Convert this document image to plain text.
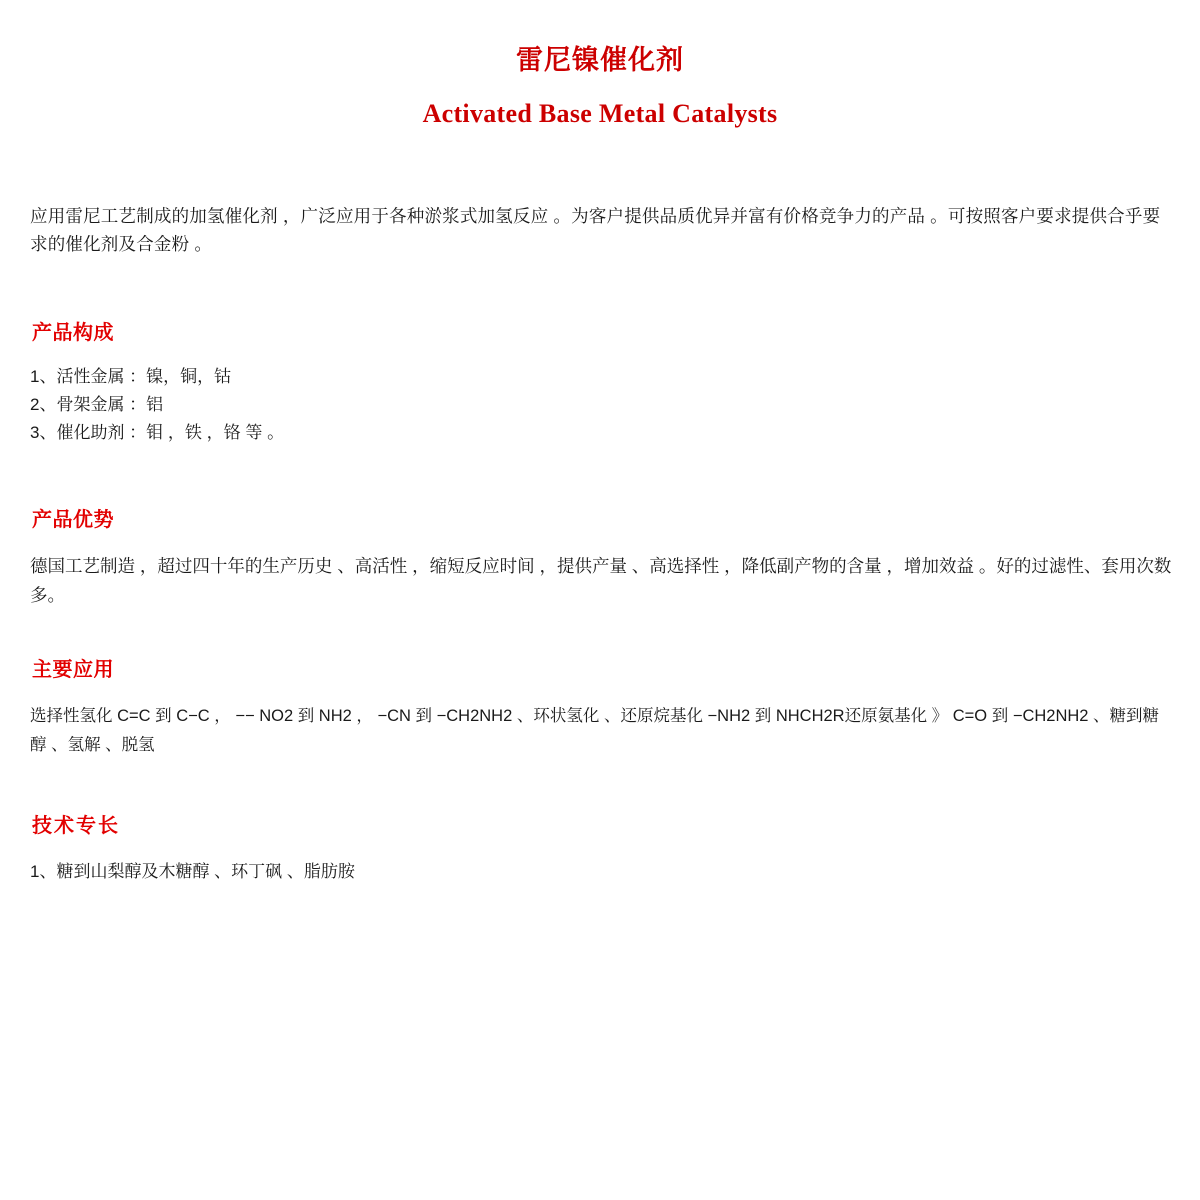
雷尼镍催化剂
Activated Base Metal Catalysts

应用雷尼工艺制成的加氢催化剂 ，广泛应用于各种淤浆式加氢反应 。为客户提供品质优异并富有价格竞争力的产品 。可按照客户要求提供合乎要求的催化剂及合金粉 。

产品构成
1、活性金属 ：镍，铜，钴
2、骨架金属 ：铝
3、催化助剂 ：钼 ，铁 ，铬 等 。
产品优势

德国工艺制造 ，超过四十年的生产历史 、高活性 ，缩短反应时间 ，提供产量 、高选择性 ，降低副产物的含量 ，增加效益 。好的过滤性、套用次数多。

主要应用

选择性氢化 C=C 到 C−C ， −− NO2 到 NH2 ， −CN 到 −CH2NH2 、环状氢化 、还原烷基化 −NH2 到 NHCH2R还原氨基化 》 C=O 到 −CH2NH2 、糖到糖醇 、氢解 、脱氢

技术专长
1、糖到山梨醇及木糖醇 、环丁砜 、脂肪胺
